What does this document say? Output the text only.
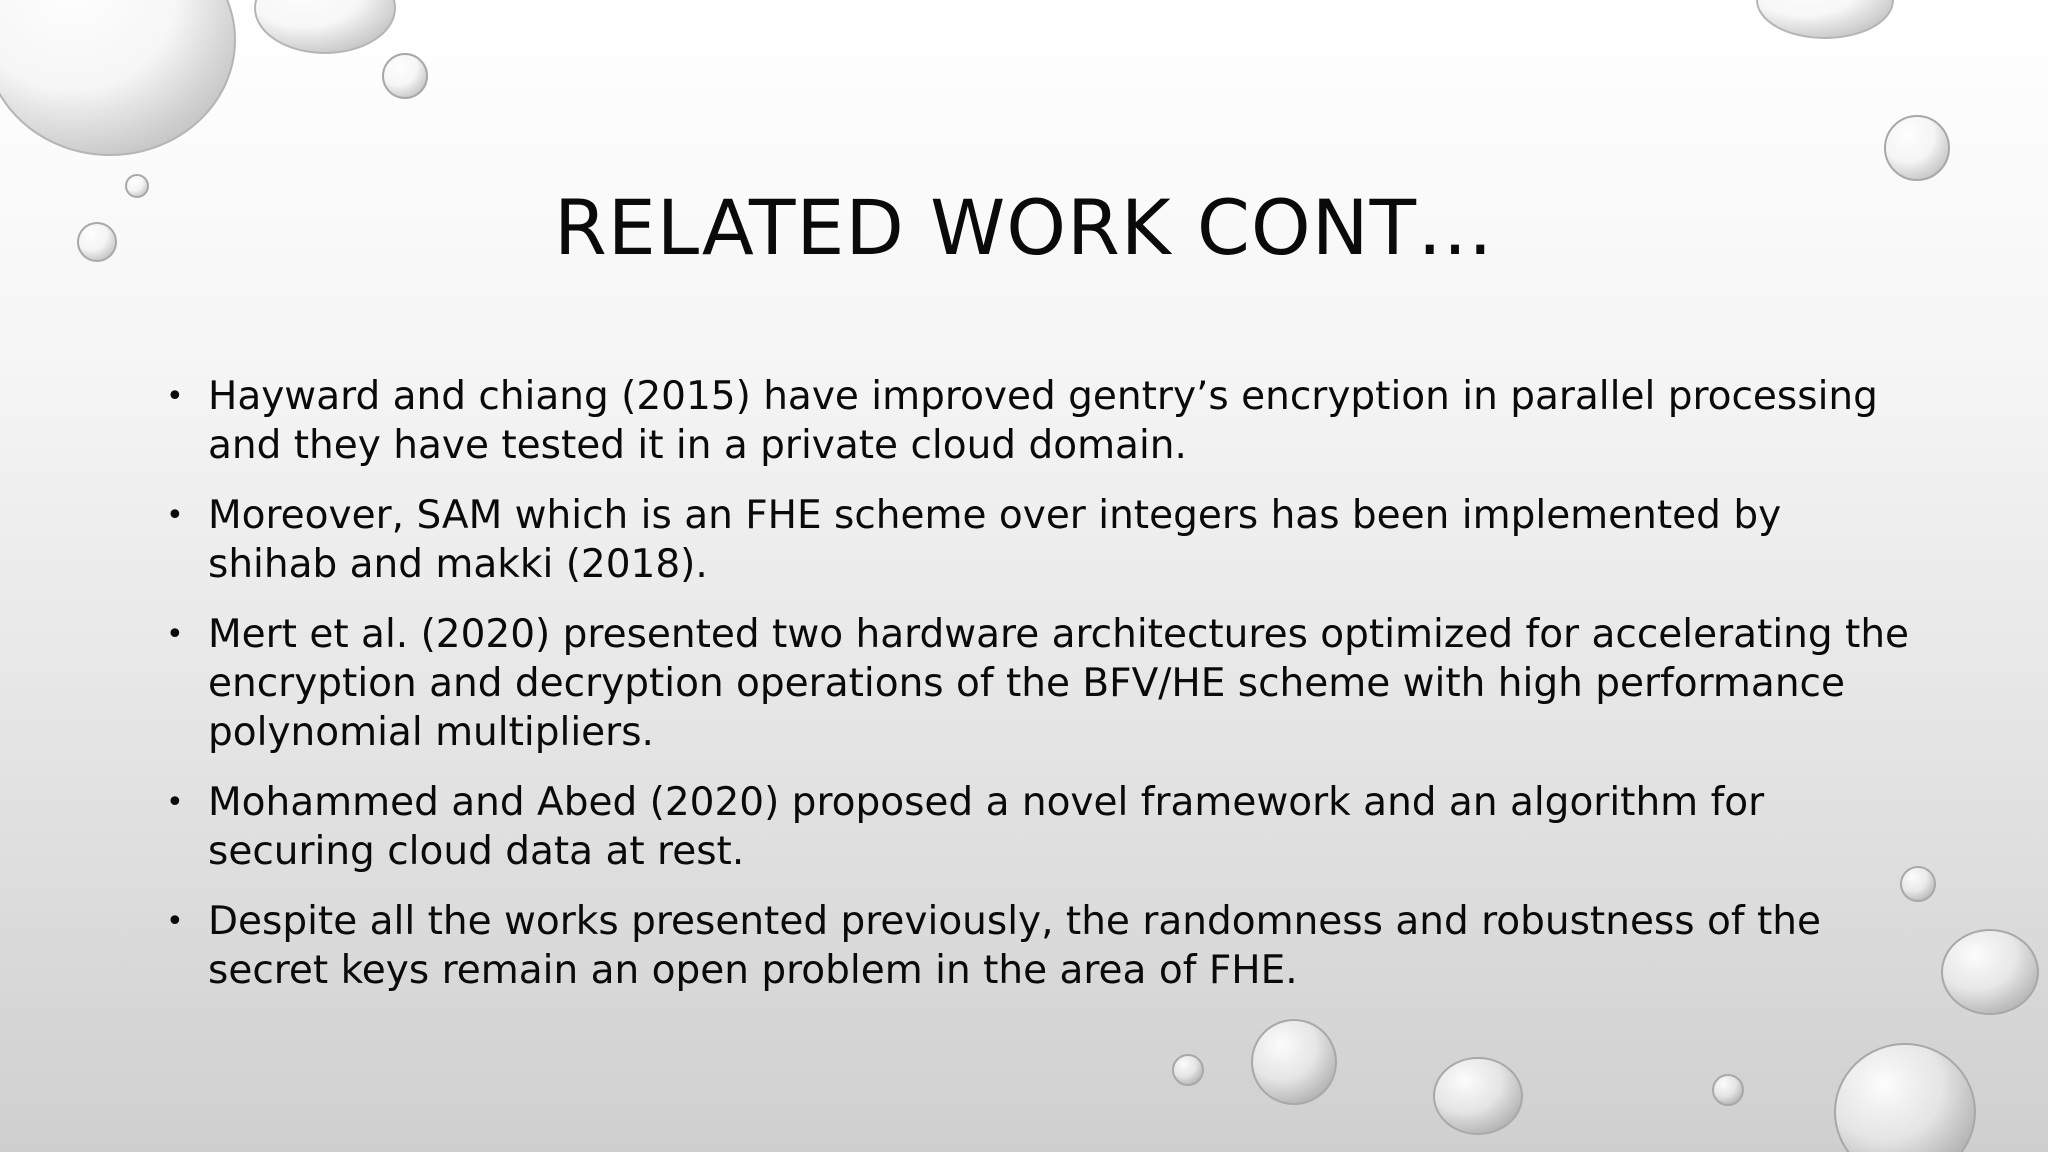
RELATED WORK CONT…
• Hayward and chiang (2015) have improved gentry’s encryption in parallel processing and they have tested it in a private cloud domain.
• Moreover, SAM which is an FHE scheme over integers has been implemented by shihab and makki (2018).
• Mert et al. (2020) presented two hardware architectures optimized for accelerating the encryption and decryption operations of the BFV/HE scheme with high performance polynomial multipliers.
• Mohammed and Abed (2020) proposed a novel framework and an algorithm for securing cloud data at rest.
• Despite all the works presented previously, the randomness and robustness of the secret keys remain an open problem in the area of FHE.
